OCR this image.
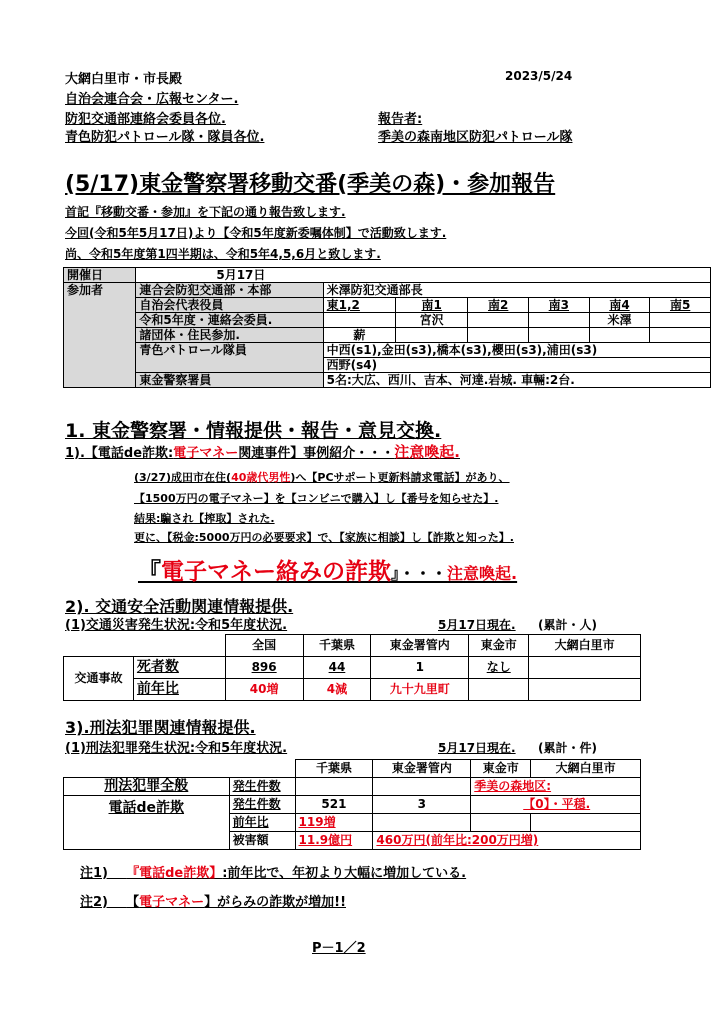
大網白里市・市長殿	2023/5/24
自治会連合会・広報センター.
防犯交通部連絡会委員各位.	報告者:
青色防犯パトロール隊・隊員各位.	季美の森南地区防犯パトロール隊
(5/17)東金警察署移動交番(季美の森)・参加報告
首記『移動交番・参加』を下記の通り報告致します.
今回(令和5年5月17日)より【令和5年度新委嘱体制】で活動致します.
尚、令和5年度第1四半期は、令和5年4,5,6月と致します.
開催日	5月17日						
参加者	連合会防犯交通部・本部	米澤防犯交通部長					
	自治会代表役員	東1,2	南1	南2	南3	南4	南5
	令和5年度・連絡会委員.		宮沢			米澤	
	諸団体・住民参加.	薪					
	青色パトロール隊員	中西(s1),金田(s3),橋本(s3),櫻田(s3),浦田(s3)					
		西野(s4)					
	東金警察署員	5名:大広、西川、吉本、河達.岩城. 車輛:2台.					
1. 東金警察署・情報提供・報告・意見交換.
1).【電話de詐欺:電子マネー関連事件】事例紹介・・・注意喚起.
(3/27)成田市在住(40歳代男性)へ【PCサポート更新料請求電話】があり、
【1500万円の電子マネー】を【コンビニで購入】し【番号を知らせた】.
結果:騙され【搾取】された.
更に、【税金:5000万円の必要要求】で、【家族に相談】し【詐欺と知った】.
『電子マネー絡みの詐欺』・・・注意喚起.
2). 交通安全活動関連情報提供.
(1)交通災害発生状況:令和5年度状況.	5月17日現在. (累計・人)
		全国	千葉県	東金署管内	東金市	大網白里市
交通事故	死者数	896	44	1	なし	
	前年比	40増	4減	九十九里町		
3).刑法犯罪関連情報提供.
(1)刑法犯罪発生状況:令和5年度状況.	5月17日現在. (累計・件)
		千葉県	東金署管内	東金市	大網白里市
刑法犯罪全般	発生件数			季美の森地区:	
電話de詐欺	発生件数	521	3	【0】・平穏.	
	前年比	119増			
	被害額	11.9億円	460万円(前年比:200万円増)		
注1) 『電話de詐欺】:前年比で、年初より大幅に増加している.
注2) 【電子マネー】がらみの詐欺が増加!!
P－1／2
